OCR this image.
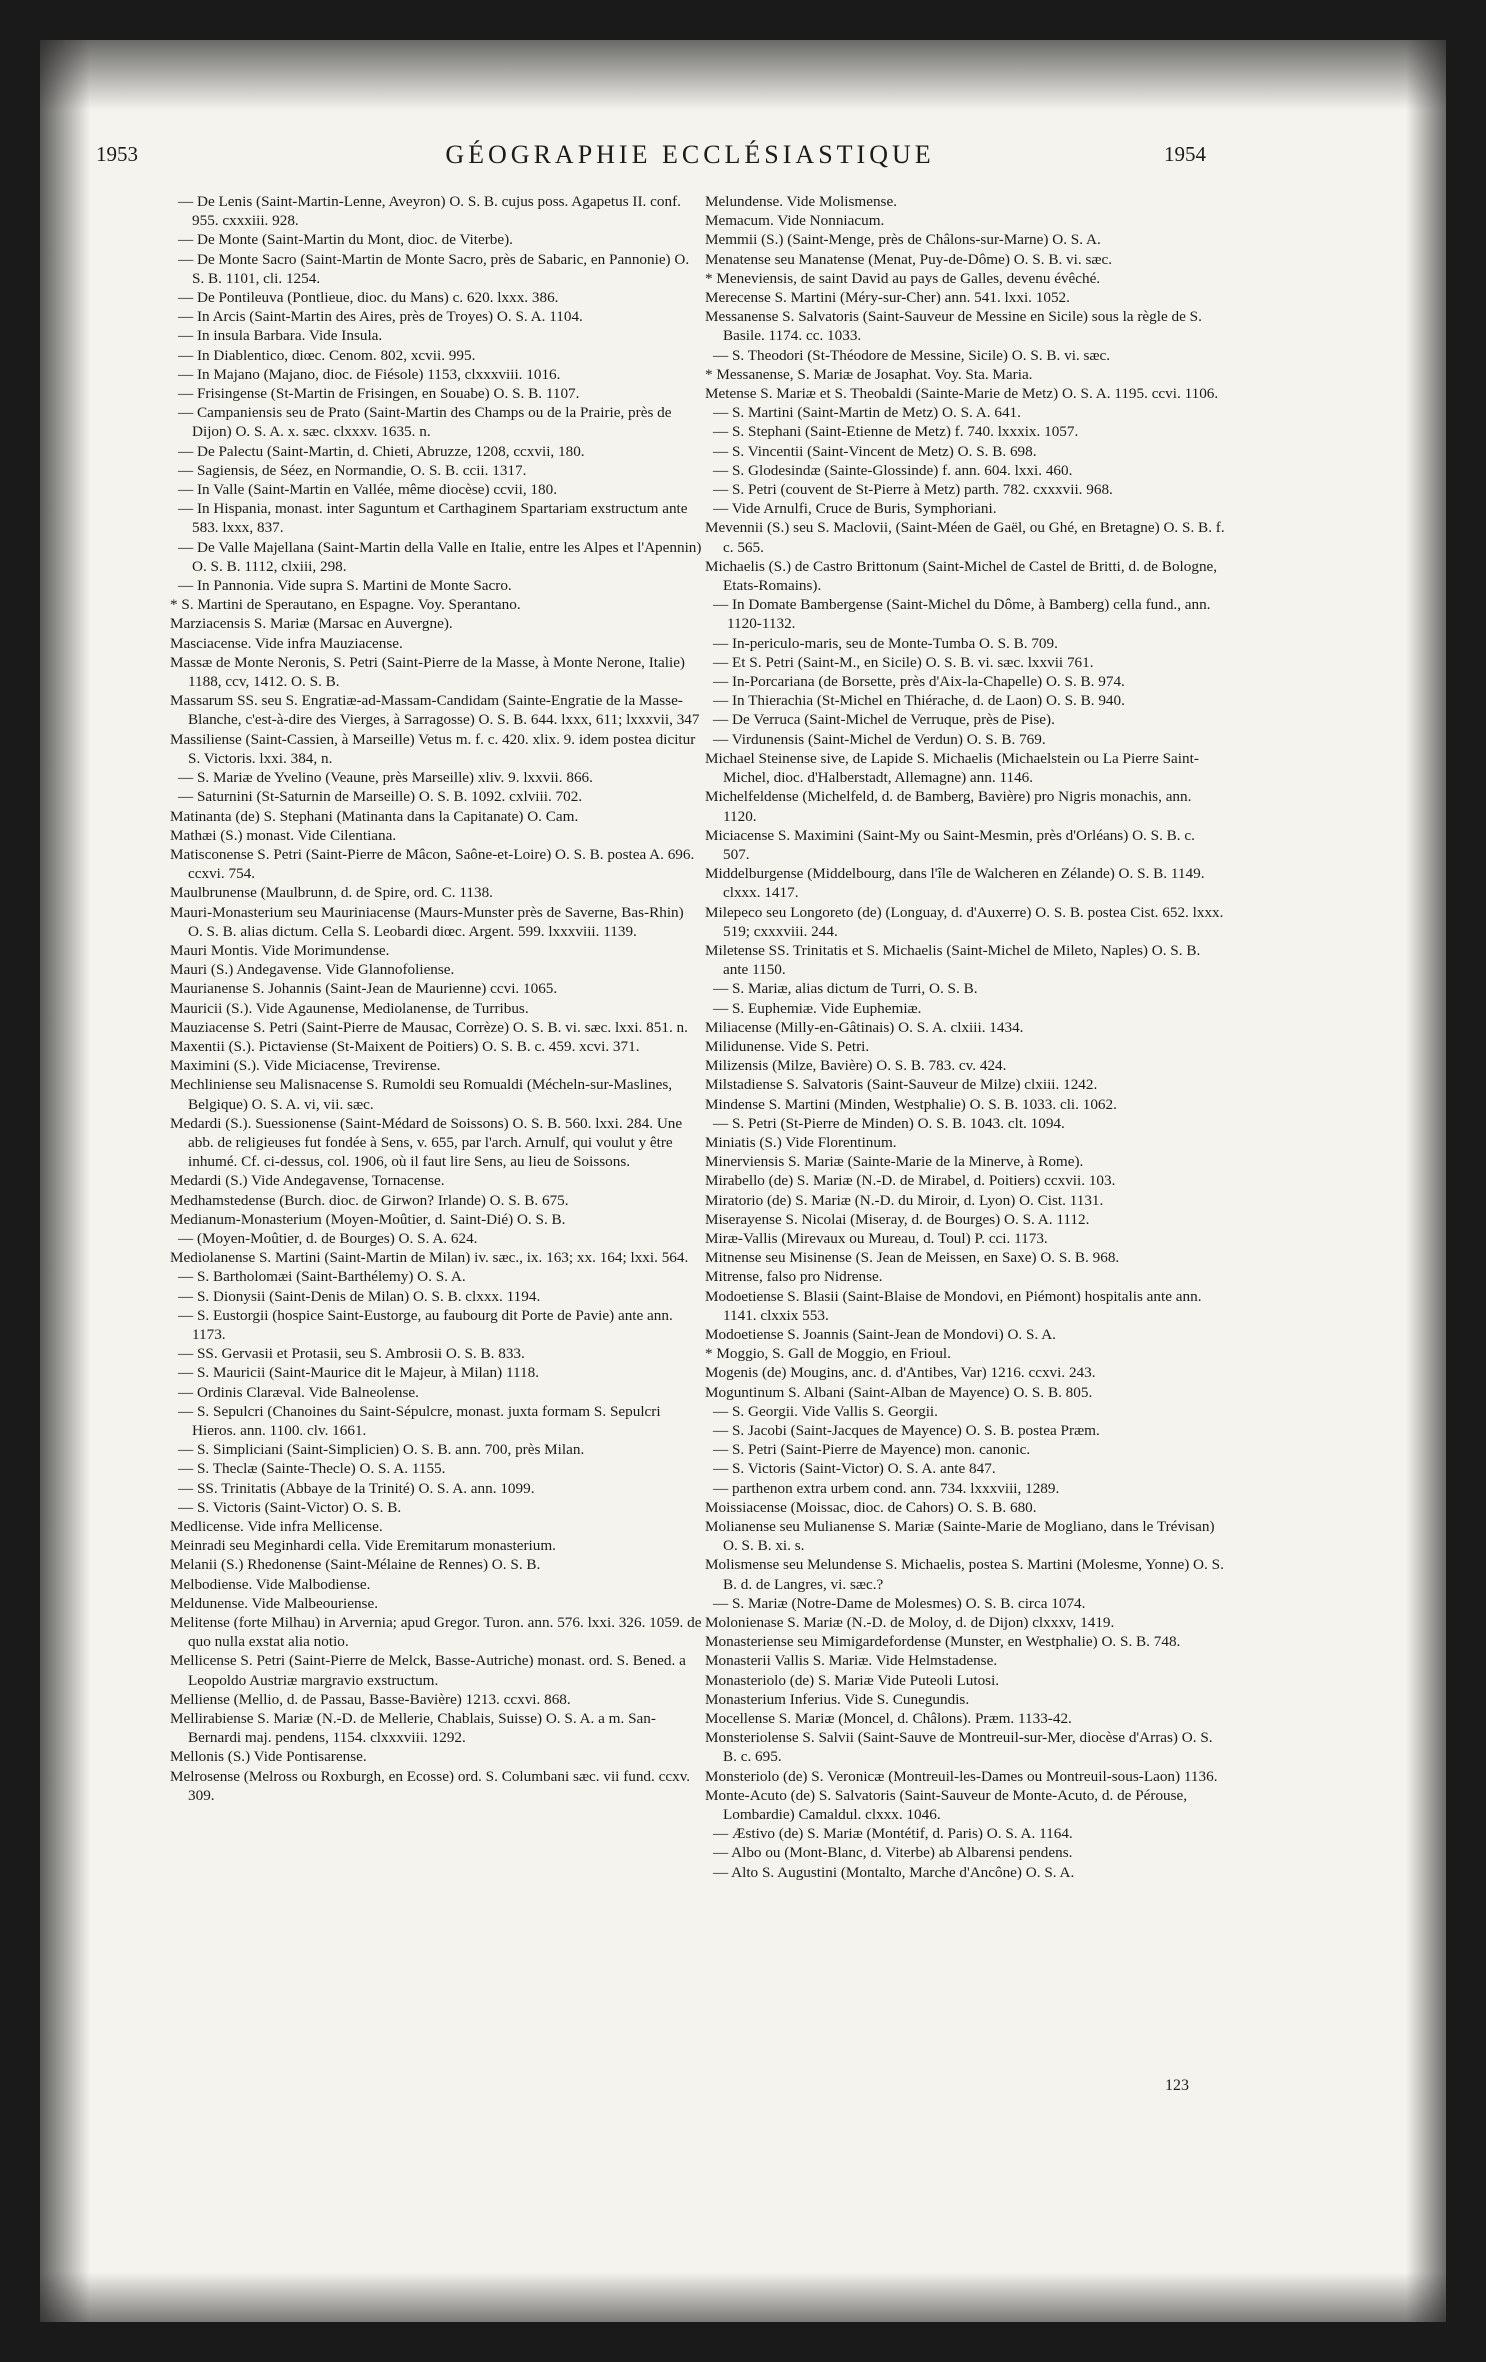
1953	GÉOGRAPHIE ECCLÉSIASTIQUE	1954

— De Lenis (Saint-Martin-Lenne, Aveyron) O. S. B. cujus poss. Agapetus II. conf. 955. cxxxiii. 928.

— De Monte (Saint-Martin du Mont, dioc. de Viterbe).

— De Monte Sacro (Saint-Martin de Monte Sacro, près de Sabaric, en Pannonie) O. S. B. 1101, cli. 1254.

— De Pontileuva (Pontlieue, dioc. du Mans) c. 620. lxxx. 386.

— In Arcis (Saint-Martin des Aires, près de Troyes) O. S. A. 1104.

— In insula Barbara. Vide Insula.

— In Diablentico, diœc. Cenom. 802, xcvii. 995.

— In Majano (Majano, dioc. de Fiésole) 1153, clxxxviii. 1016.

— Frisingense (St-Martin de Frisingen, en Souabe) O. S. B. 1107.

— Campaniensis seu de Prato (Saint-Martin des Champs ou de la Prairie, près de Dijon) O. S. A. x. sæc. clxxxv. 1635. n.

— De Palectu (Saint-Martin, d. Chieti, Abruzze, 1208, ccxvii, 180.

— Sagiensis, de Séez, en Normandie, O. S. B. ccii. 1317.

— In Valle (Saint-Martin en Vallée, même diocèse) ccvii, 180.

— In Hispania, monast. inter Saguntum et Carthaginem Spartariam exstructum ante 583. lxxx, 837.

— De Valle Majellana (Saint-Martin della Valle en Italie, entre les Alpes et l'Apennin) O. S. B. 1112, clxiii, 298.

— In Pannonia. Vide supra S. Martini de Monte Sacro.

* S. Martini de Sperautano, en Espagne. Voy. Sperantano.

Marziacensis S. Mariæ (Marsac en Auvergne).

Masciacense. Vide infra Mauziacense.

Massæ de Monte Neronis, S. Petri (Saint-Pierre de la Masse, à Monte Nerone, Italie) 1188, ccv, 1412. O. S. B.

Massarum SS. seu S. Engratiæ-ad-Massam-Candidam (Sainte-Engratie de la Masse-Blanche, c'est-à-dire des Vierges, à Sarragosse) O. S. B. 644. lxxx, 611; lxxxvii, 347

Massiliense (Saint-Cassien, à Marseille) Vetus m. f. c. 420. xlix. 9. idem postea dicitur S. Victoris. lxxi. 384, n.

— S. Mariæ de Yvelino (Veaune, près Marseille) xliv. 9. lxxvii. 866.

— Saturnini (St-Saturnin de Marseille) O. S. B. 1092. cxlviii. 702.

Matinanta (de) S. Stephani (Matinanta dans la Capitanate) O. Cam.

Mathæi (S.) monast. Vide Cilentiana.

Matisconense S. Petri (Saint-Pierre de Mâcon, Saône-et-Loire) O. S. B. postea A. 696. ccxvi. 754.

Maulbrunense (Maulbrunn, d. de Spire, ord. C. 1138.

Mauri-Monasterium seu Mauriniacense (Maurs-Munster près de Saverne, Bas-Rhin) O. S. B. alias dictum. Cella S. Leobardi diœc. Argent. 599. lxxxviii. 1139.

Mauri Montis. Vide Morimundense.

Mauri (S.) Andegavense. Vide Glannofoliense.

Maurianense S. Johannis (Saint-Jean de Maurienne) ccvi. 1065.

Mauricii (S.). Vide Agaunense, Mediolanense, de Turribus.

Mauziacense S. Petri (Saint-Pierre de Mausac, Corrèze) O. S. B. vi. sæc. lxxi. 851. n.

Maxentii (S.). Pictaviense (St-Maixent de Poitiers) O. S. B. c. 459. xcvi. 371.

Maximini (S.). Vide Miciacense, Trevirense.

Mechliniense seu Malisnacense S. Rumoldi seu Romualdi (Mécheln-sur-Maslines, Belgique) O. S. A. vi, vii. sæc.

Medardi (S.). Suessionense (Saint-Médard de Soissons) O. S. B. 560. lxxi. 284. Une abb. de religieuses fut fondée à Sens, v. 655, par l'arch. Arnulf, qui voulut y être inhumé. Cf. ci-dessus, col. 1906, où il faut lire Sens, au lieu de Soissons.

Medardi (S.) Vide Andegavense, Tornacense.

Medhamstedense (Burch. dioc. de Girwon? Irlande) O. S. B. 675.

Medianum-Monasterium (Moyen-Moûtier, d. Saint-Dié) O. S. B.

— (Moyen-Moûtier, d. de Bourges) O. S. A. 624.

Mediolanense S. Martini (Saint-Martin de Milan) iv. sæc., ix. 163; xx. 164; lxxi. 564.

— S. Bartholomæi (Saint-Barthélemy) O. S. A.

— S. Dionysii (Saint-Denis de Milan) O. S. B. clxxx. 1194.

— S. Eustorgii (hospice Saint-Eustorge, au faubourg dit Porte de Pavie) ante ann. 1173.

— SS. Gervasii et Protasii, seu S. Ambrosii O. S. B. 833.

— S. Mauricii (Saint-Maurice dit le Majeur, à Milan) 1118.

— Ordinis Claræval. Vide Balneolense.

— S. Sepulcri (Chanoines du Saint-Sépulcre, monast. juxta formam S. Sepulcri Hieros. ann. 1100. clv. 1661.

— S. Simpliciani (Saint-Simplicien) O. S. B. ann. 700, près Milan.

— S. Theclæ (Sainte-Thecle) O. S. A. 1155.

— SS. Trinitatis (Abbaye de la Trinité) O. S. A. ann. 1099.

— S. Victoris (Saint-Victor) O. S. B.

Medlicense. Vide infra Mellicense.

Meinradi seu Meginhardi cella. Vide Eremitarum monasterium.

Melanii (S.) Rhedonense (Saint-Mélaine de Rennes) O. S. B.

Melbodiense. Vide Malbodiense.

Meldunense. Vide Malbeouriense.

Melitense (forte Milhau) in Arvernia; apud Gregor. Turon. ann. 576. lxxi. 326. 1059. de quo nulla exstat alia notio.

Mellicense S. Petri (Saint-Pierre de Melck, Basse-Autriche) monast. ord. S. Bened. a Leopoldo Austriæ margravio exstructum.

Melliense (Mellio, d. de Passau, Basse-Bavière) 1213. ccxvi. 868.

Mellirabiense S. Mariæ (N.-D. de Mellerie, Chablais, Suisse) O. S. A. a m. San-Bernardi maj. pendens, 1154. clxxxviii. 1292.

Mellonis (S.) Vide Pontisarense.

Melrosense (Melross ou Roxburgh, en Ecosse) ord. S. Columbani sæc. vii fund. ccxv. 309.

Melundense. Vide Molismense.

Memacum. Vide Nonniacum.

Memmii (S.) (Saint-Menge, près de Châlons-sur-Marne) O. S. A.

Menatense seu Manatense (Menat, Puy-de-Dôme) O. S. B. vi. sæc.

* Meneviensis, de saint David au pays de Galles, devenu évêché.

Merecense S. Martini (Méry-sur-Cher) ann. 541. lxxi. 1052.

Messanense S. Salvatoris (Saint-Sauveur de Messine en Sicile) sous la règle de S. Basile. 1174. cc. 1033.

— S. Theodori (St-Théodore de Messine, Sicile) O. S. B. vi. sæc.

* Messanense, S. Mariæ de Josaphat. Voy. Sta. Maria.

Metense S. Mariæ et S. Theobaldi (Sainte-Marie de Metz) O. S. A. 1195. ccvi. 1106.

— S. Martini (Saint-Martin de Metz) O. S. A. 641.

— S. Stephani (Saint-Etienne de Metz) f. 740. lxxxix. 1057.

— S. Vincentii (Saint-Vincent de Metz) O. S. B. 698.

— S. Glodesindæ (Sainte-Glossinde) f. ann. 604. lxxi. 460.

— S. Petri (couvent de St-Pierre à Metz) parth. 782. cxxxvii. 968.

— Vide Arnulfi, Cruce de Buris, Symphoriani.

Mevennii (S.) seu S. Maclovii, (Saint-Méen de Gaël, ou Ghé, en Bretagne) O. S. B. f. c. 565.

Michaelis (S.) de Castro Brittonum (Saint-Michel de Castel de Britti, d. de Bologne, Etats-Romains).

— In Domate Bambergense (Saint-Michel du Dôme, à Bamberg) cella fund., ann. 1120-1132.

— In-periculo-maris, seu de Monte-Tumba O. S. B. 709.

— Et S. Petri (Saint-M., en Sicile) O. S. B. vi. sæc. lxxvii 761.

— In-Porcariana (de Borsette, près d'Aix-la-Chapelle) O. S. B. 974.

— In Thierachia (St-Michel en Thiérache, d. de Laon) O. S. B. 940.

— De Verruca (Saint-Michel de Verruque, près de Pise).

— Virdunensis (Saint-Michel de Verdun) O. S. B. 769.

Michael Steinense sive, de Lapide S. Michaelis (Michaelstein ou La Pierre Saint-Michel, dioc. d'Halberstadt, Allemagne) ann. 1146.

Michelfeldense (Michelfeld, d. de Bamberg, Bavière) pro Nigris monachis, ann. 1120.

Miciacense S. Maximini (Saint-My ou Saint-Mesmin, près d'Orléans) O. S. B. c. 507.

Middelburgense (Middelbourg, dans l'île de Walcheren en Zélande) O. S. B. 1149. clxxx. 1417.

Milepeco seu Longoreto (de) (Longuay, d. d'Auxerre) O. S. B. postea Cist. 652. lxxx. 519; cxxxviii. 244.

Miletense SS. Trinitatis et S. Michaelis (Saint-Michel de Mileto, Naples) O. S. B. ante 1150.

— S. Mariæ, alias dictum de Turri, O. S. B.

— S. Euphemiæ. Vide Euphemiæ.

Miliacense (Milly-en-Gâtinais) O. S. A. clxiii. 1434.

Milidunense. Vide S. Petri.

Milizensis (Milze, Bavière) O. S. B. 783. cv. 424.

Milstadiense S. Salvatoris (Saint-Sauveur de Milze) clxiii. 1242.

Mindense S. Martini (Minden, Westphalie) O. S. B. 1033. cli. 1062.

— S. Petri (St-Pierre de Minden) O. S. B. 1043. clt. 1094.

Miniatis (S.) Vide Florentinum.

Minerviensis S. Mariæ (Sainte-Marie de la Minerve, à Rome).

Mirabello (de) S. Mariæ (N.-D. de Mirabel, d. Poitiers) ccxvii. 103.

Miratorio (de) S. Mariæ (N.-D. du Miroir, d. Lyon) O. Cist. 1131.

Miserayense S. Nicolai (Miseray, d. de Bourges) O. S. A. 1112.

Miræ-Vallis (Mirevaux ou Mureau, d. Toul) P. cci. 1173.

Mitnense seu Misinense (S. Jean de Meissen, en Saxe) O. S. B. 968.

Mitrense, falso pro Nidrense.

Modoetiense S. Blasii (Saint-Blaise de Mondovi, en Piémont) hospitalis ante ann. 1141. clxxix 553.

Modoetiense S. Joannis (Saint-Jean de Mondovi) O. S. A.

* Moggio, S. Gall de Moggio, en Frioul.

Mogenis (de) Mougins, anc. d. d'Antibes, Var) 1216. ccxvi. 243.

Moguntinum S. Albani (Saint-Alban de Mayence) O. S. B. 805.

— S. Georgii. Vide Vallis S. Georgii.

— S. Jacobi (Saint-Jacques de Mayence) O. S. B. postea Præm.

— S. Petri (Saint-Pierre de Mayence) mon. canonic.

— S. Victoris (Saint-Victor) O. S. A. ante 847.

— parthenon extra urbem cond. ann. 734. lxxxviii, 1289.

Moissiacense (Moissac, dioc. de Cahors) O. S. B. 680.

Molianense seu Mulianense S. Mariæ (Sainte-Marie de Mogliano, dans le Trévisan) O. S. B. xi. s.

Molismense seu Melundense S. Michaelis, postea S. Martini (Molesme, Yonne) O. S. B. d. de Langres, vi. sæc.?

— S. Mariæ (Notre-Dame de Molesmes) O. S. B. circa 1074.

Molonienase S. Mariæ (N.-D. de Moloy, d. de Dijon) clxxxv, 1419.

Monasteriense seu Mimigardefordense (Munster, en Westphalie) O. S. B. 748.

Monasterii Vallis S. Mariæ. Vide Helmstadense.

Monasteriolo (de) S. Mariæ Vide Puteoli Lutosi.

Monasterium Inferius. Vide S. Cunegundis.

Mocellense S. Mariæ (Moncel, d. Châlons). Præm. 1133-42.

Monsteriolense S. Salvii (Saint-Sauve de Montreuil-sur-Mer, diocèse d'Arras) O. S. B. c. 695.

Monsteriolo (de) S. Veronicæ (Montreuil-les-Dames ou Montreuil-sous-Laon) 1136.

Monte-Acuto (de) S. Salvatoris (Saint-Sauveur de Monte-Acuto, d. de Pérouse, Lombardie) Camaldul. clxxx. 1046.

— Æstivo (de) S. Mariæ (Montétif, d. Paris) O. S. A. 1164.

— Albo ou (Mont-Blanc, d. Viterbe) ab Albarensi pendens.

— Alto S. Augustini (Montalto, Marche d'Ancône) O. S. A.

123
